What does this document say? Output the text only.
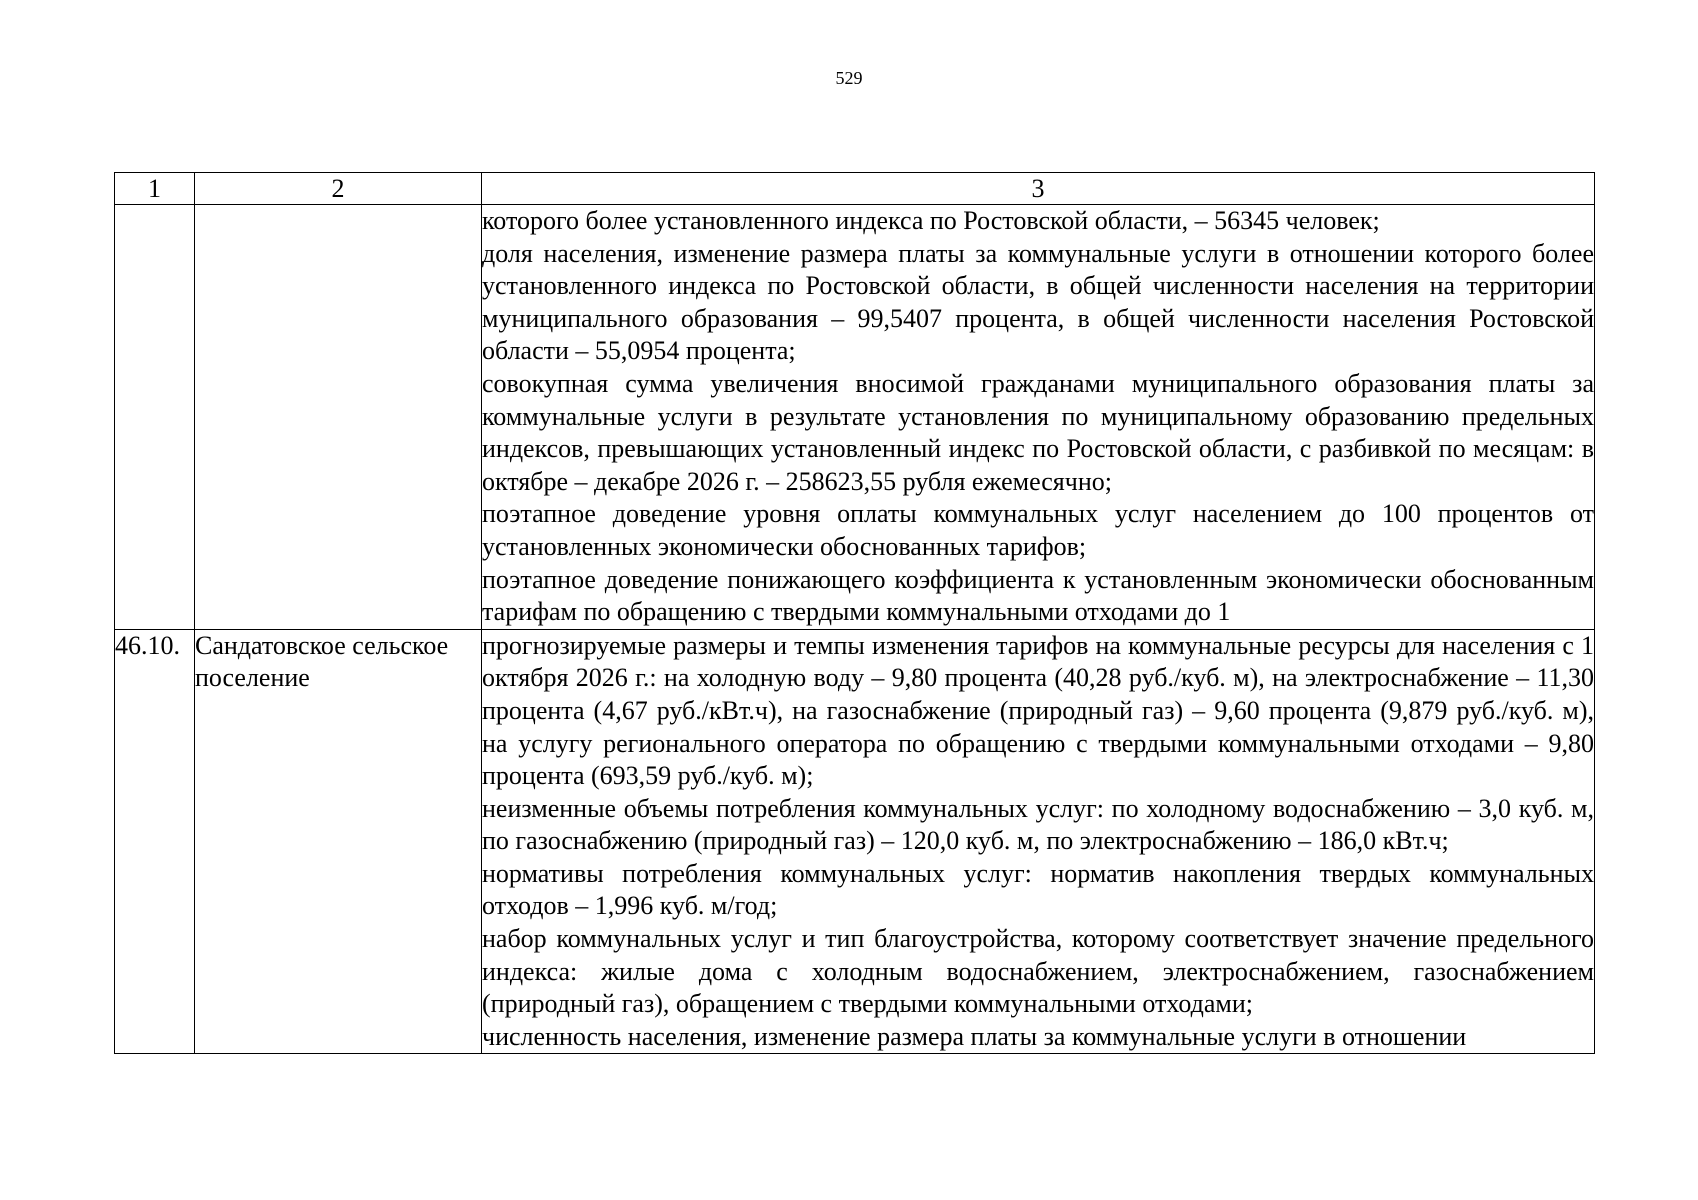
529
1	2	3

		которого более установленного индекса по Ростовской области, – 56345 человек;
доля населения, изменение размера платы за коммунальные услуги в отношении которого более установленного индекса по Ростовской области, в общей численности населения на территории муниципального образования – 99,5407 процента, в общей численности населения Ростовской области – 55,0954 процента;
совокупная сумма увеличения вносимой гражданами муниципального образования платы за коммунальные услуги в результате установления по муниципальному образованию предельных индексов, превышающих установленный индекс по Ростовской области, с разбивкой по месяцам: в октябре – декабре 2026 г. – 258623,55 рубля ежемесячно;
поэтапное доведение уровня оплаты коммунальных услуг населением до 100 процентов от установленных экономически обоснованных тарифов;
поэтапное доведение понижающего коэффициента к установленным экономически обоснованным тарифам по обращению с твердыми коммунальными отходами до 1

46.10.	Сандатовское сельское поселение	прогнозируемые размеры и темпы изменения тарифов на коммунальные ресурсы для населения с 1 октября 2026 г.: на холодную воду – 9,80 процента (40,28 руб./куб. м), на электроснабжение – 11,30 процента (4,67 руб./кВт.ч), на газоснабжение (природный газ) – 9,60 процента (9,879 руб./куб. м), на услугу регионального оператора по обращению с твердыми коммунальными отходами – 9,80 процента (693,59 руб./куб. м);
неизменные объемы потребления коммунальных услуг: по холодному водоснабжению – 3,0 куб. м, по газоснабжению (природный газ) – 120,0 куб. м, по электроснабжению – 186,0 кВт.ч;
нормативы потребления коммунальных услуг: норматив накопления твердых коммунальных отходов – 1,996 куб. м/год;
набор коммунальных услуг и тип благоустройства, которому соответствует значение предельного индекса: жилые дома с холодным водоснабжением, электроснабжением, газоснабжением (природный газ), обращением с твердыми коммунальными отходами;
численность населения, изменение размера платы за коммунальные услуги в отношении
